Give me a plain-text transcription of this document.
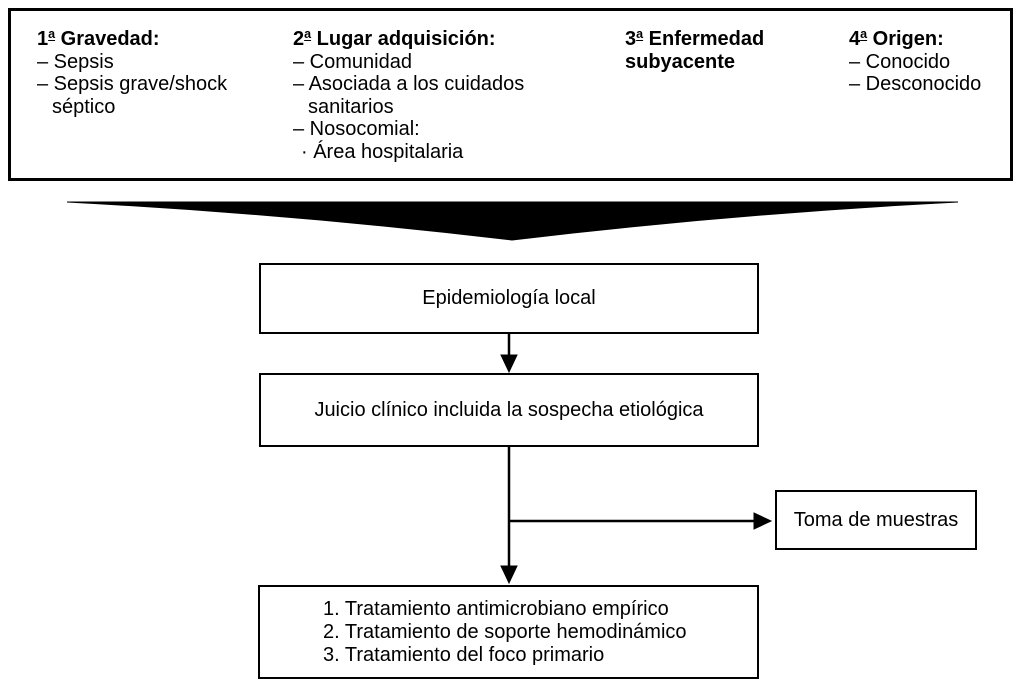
1$^a$ Gravedad:
– Sepsis
– Sepsis grave/shock
séptico
2$^a$ Lugar adquisición:
– Comunidad
– Asociada a los cuidados
sanitarios
– Nosocomial:
· Área hospitalaria
3$^a$ Enfermedad
subyacente
4$^a$ Origen:
– Conocido
– Desconocido
Epidemiología local
Juicio clínico incluida la sospecha etiológica
Toma de muestras
1. Tratamiento antimicrobiano empírico
2. Tratamiento de soporte hemodinámico
3. Tratamiento del foco primario
